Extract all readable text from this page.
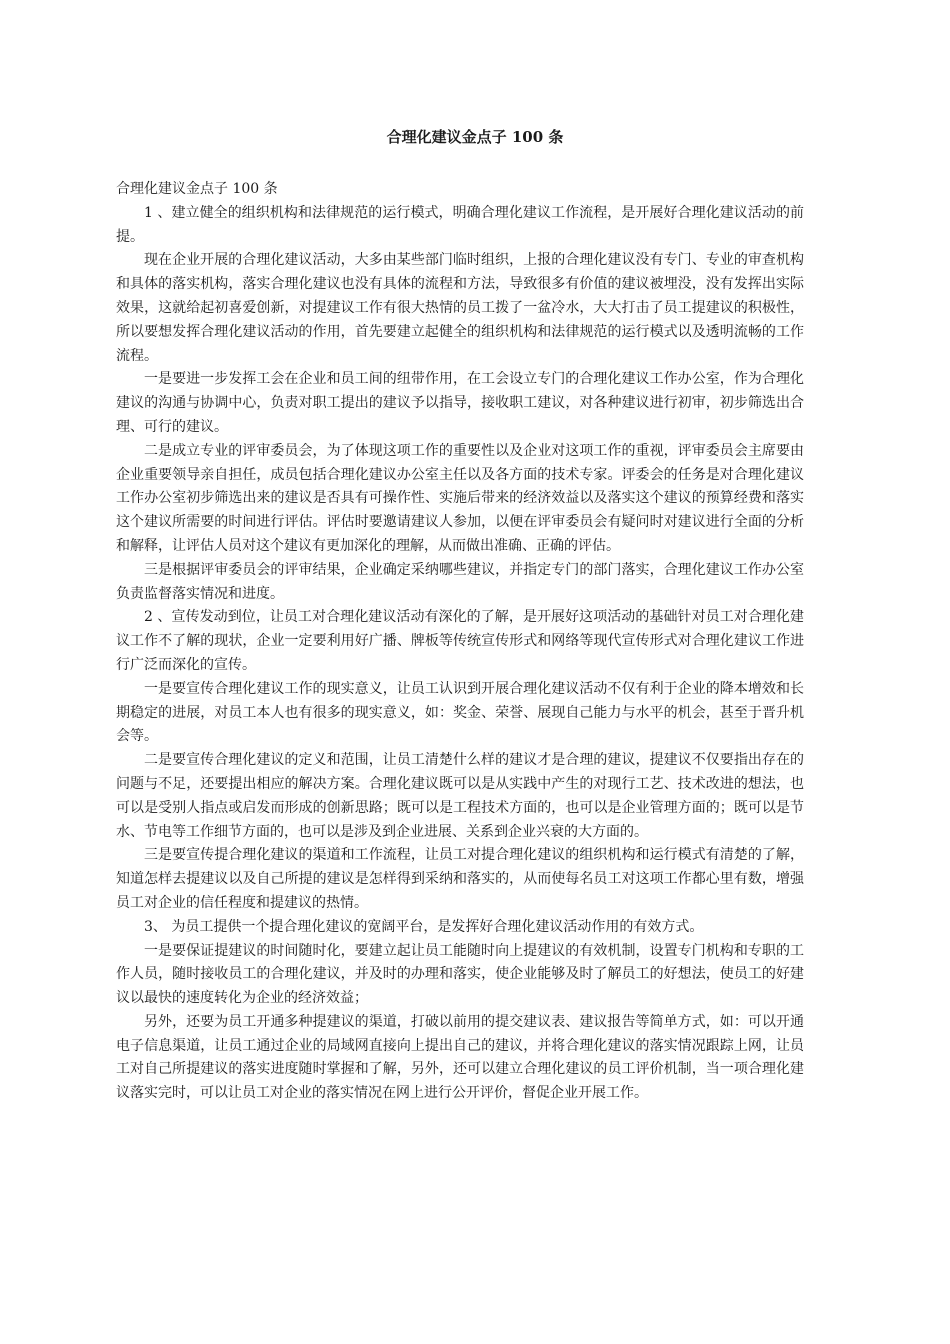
合理化建议金点子 100 条

合理化建议金点子 100 条

1 、建立健全的组织机构和法律规范的运行模式，明确合理化建议工作流程，是开展好合理化建议活动的前提。

现在企业开展的合理化建议活动，大多由某些部门临时组织，上报的合理化建议没有专门、专业的审查机构和具体的落实机构，落实合理化建议也没有具体的流程和方法，导致很多有价值的建议被埋没，没有发挥出实际效果，这就给起初喜爱创新，对提建议工作有很大热情的员工拨了一盆冷水，大大打击了员工提建议的积极性，所以要想发挥合理化建议活动的作用，首先要建立起健全的组织机构和法律规范的运行模式以及透明流畅的工作流程。

一是要进一步发挥工会在企业和员工间的纽带作用，在工会设立专门的合理化建议工作办公室，作为合理化建议的沟通与协调中心，负责对职工提出的建议予以指导，接收职工建议，对各种建议进行初审，初步筛选出合理、可行的建议。

二是成立专业的评审委员会，为了体现这项工作的重要性以及企业对这项工作的重视，评审委员会主席要由企业重要领导亲自担任，成员包括合理化建议办公室主任以及各方面的技术专家。评委会的任务是对合理化建议工作办公室初步筛选出来的建议是否具有可操作性、实施后带来的经济效益以及落实这个建议的预算经费和落实这个建议所需要的时间进行评估。评估时要邀请建议人参加，以便在评审委员会有疑问时对建议进行全面的分析和解释，让评估人员对这个建议有更加深化的理解，从而做出准确、正确的评估。

三是根据评审委员会的评审结果，企业确定采纳哪些建议，并指定专门的部门落实，合理化建议工作办公室负责监督落实情况和进度。

2 、宣传发动到位，让员工对合理化建议活动有深化的了解，是开展好这项活动的基础针对员工对合理化建议工作不了解的现状，企业一定要利用好广播、牌板等传统宣传形式和网络等现代宣传形式对合理化建议工作进行广泛而深化的宣传。

一是要宣传合理化建议工作的现实意义，让员工认识到开展合理化建议活动不仅有利于企业的降本增效和长期稳定的进展，对员工本人也有很多的现实意义，如：奖金、荣誉、展现自己能力与水平的机会，甚至于晋升机会等。

二是要宣传合理化建议的定义和范围，让员工清楚什么样的建议才是合理的建议，提建议不仅要指出存在的问题与不足，还要提出相应的解决方案。合理化建议既可以是从实践中产生的对现行工艺、技术改进的想法，也可以是受别人指点或启发而形成的创新思路；既可以是工程技术方面的，也可以是企业管理方面的；既可以是节水、节电等工作细节方面的，也可以是涉及到企业进展、关系到企业兴衰的大方面的。

三是要宣传提合理化建议的渠道和工作流程，让员工对提合理化建议的组织机构和运行模式有清楚的了解，知道怎样去提建议以及自己所提的建议是怎样得到采纳和落实的，从而使每名员工对这项工作都心里有数，增强员工对企业的信任程度和提建议的热情。

3、 为员工提供一个提合理化建议的宽阔平台，是发挥好合理化建议活动作用的有效方式。

一是要保证提建议的时间随时化，要建立起让员工能随时向上提建议的有效机制，设置专门机构和专职的工作人员，随时接收员工的合理化建议，并及时的办理和落实，使企业能够及时了解员工的好想法，使员工的好建议以最快的速度转化为企业的经济效益；

另外，还要为员工开通多种提建议的渠道，打破以前用的提交建议表、建议报告等简单方式，如：可以开通电子信息渠道，让员工通过企业的局域网直接向上提出自己的建议，并将合理化建议的落实情况跟踪上网，让员工对自己所提建议的落实进度随时掌握和了解，另外，还可以建立合理化建议的员工评价机制，当一项合理化建议落实完时，可以让员工对企业的落实情况在网上进行公开评价，督促企业开展工作。
